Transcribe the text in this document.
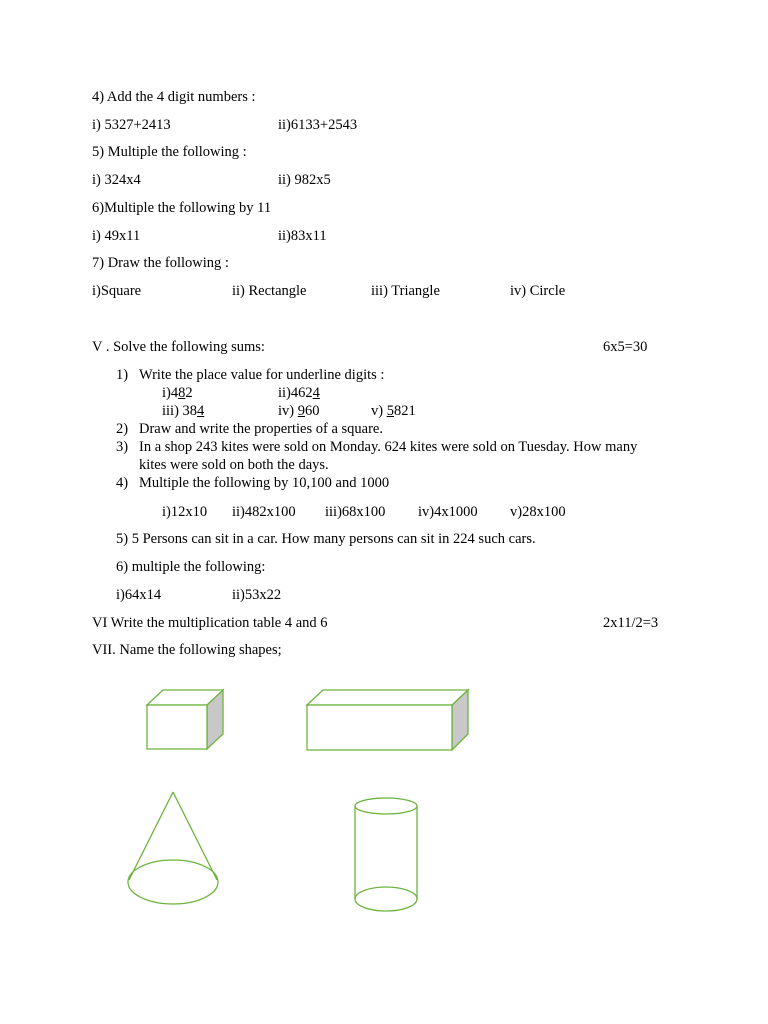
4) Add the 4 digit numbers :
i) 5327+2413	ii)6133+2543
5) Multiple the following :
i) 324x4	ii) 982x5
6)Multiple the following by 11
i) 49x11	ii)83x11
7) Draw the following :
i)Square	ii) Rectangle	iii) Triangle	iv) Circle
V . Solve the following sums:	6x5=30
1) Write the place value for underline digits :
i)482	ii)4624
iii) 384	iv) 960	v) 5821
2) Draw and write the properties of a square.
3) In a shop 243 kites were sold on Monday. 624 kites were sold on Tuesday. How many
kites were sold on both the days.
4) Multiple the following by 10,100 and 1000
i)12x10 ii)482x100 iii)68x100 iv)4x1000 v)28x100
5) 5 Persons can sit in a car. How many persons can sit in 224 such cars.
6) multiple the following:
i)64x14	ii)53x22
VI Write the multiplication table 4 and 6	2x11/2=3
VII. Name the following shapes;
